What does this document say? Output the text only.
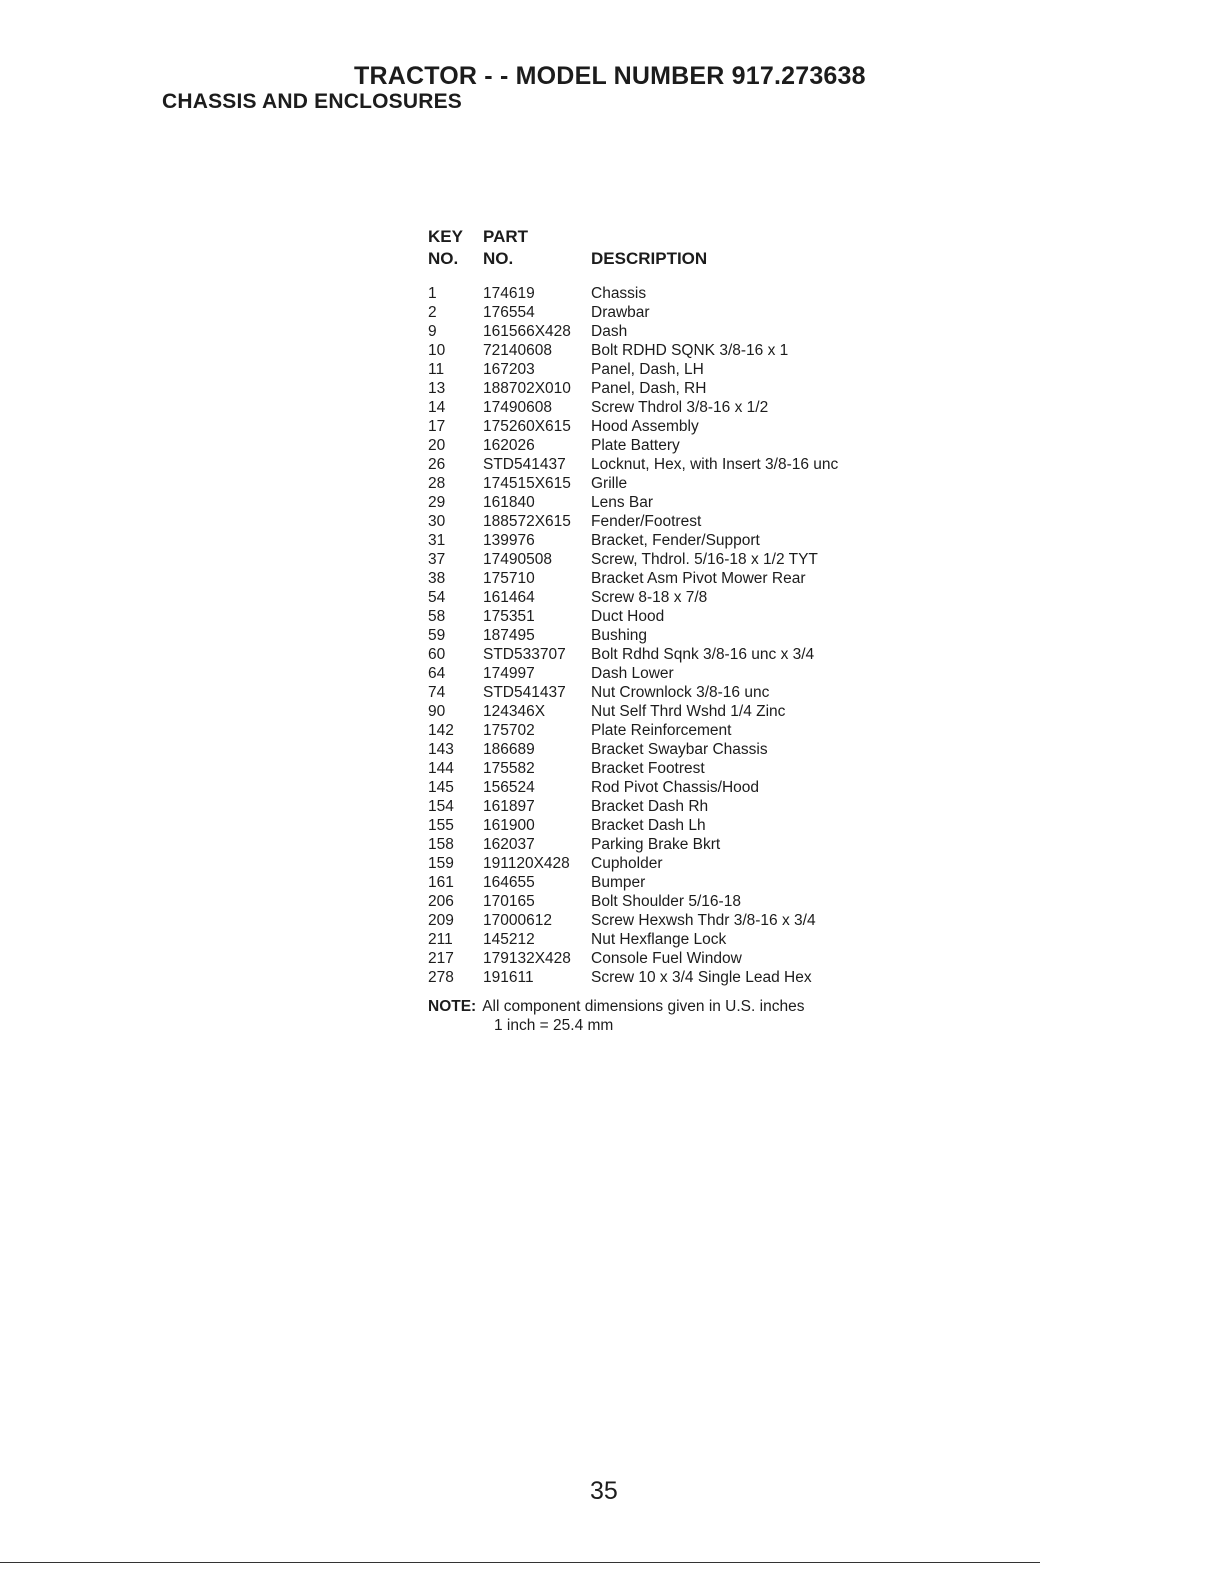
TRACTOR - - MODEL NUMBER 917.273638
CHASSIS AND ENCLOSURES
KEY	PART
NO.	NO.	DESCRIPTION
1	174619	Chassis
2	176554	Drawbar
9	161566X428	Dash
10	72140608	Bolt RDHD SQNK 3/8-16 x 1
11	167203	Panel, Dash, LH
13	188702X010	Panel, Dash, RH
14	17490608	Screw Thdrol 3/8-16 x 1/2
17	175260X615	Hood Assembly
20	162026	Plate Battery
26	STD541437	Locknut, Hex, with Insert 3/8-16 unc
28	174515X615	Grille
29	161840	Lens Bar
30	188572X615	Fender/Footrest
31	139976	Bracket, Fender/Support
37	17490508	Screw, Thdrol. 5/16-18 x 1/2 TYT
38	175710	Bracket Asm Pivot Mower Rear
54	161464	Screw 8-18 x 7/8
58	175351	Duct Hood
59	187495	Bushing
60	STD533707	Bolt Rdhd Sqnk 3/8-16 unc x 3/4
64	174997	Dash Lower
74	STD541437	Nut Crownlock 3/8-16 unc
90	124346X	Nut Self Thrd Wshd 1/4 Zinc
142	175702	Plate Reinforcement
143	186689	Bracket Swaybar Chassis
144	175582	Bracket Footrest
145	156524	Rod Pivot Chassis/Hood
154	161897	Bracket Dash Rh
155	161900	Bracket Dash Lh
158	162037	Parking Brake Bkrt
159	191120X428	Cupholder
161	164655	Bumper
206	170165	Bolt Shoulder 5/16-18
209	17000612	Screw Hexwsh Thdr 3/8-16 x 3/4
211	145212	Nut Hexflange Lock
217	179132X428	Console Fuel Window
278	191611	Screw 10 x 3/4 Single Lead Hex
NOTE: All component dimensions given in U.S. inches
1 inch = 25.4 mm
35
